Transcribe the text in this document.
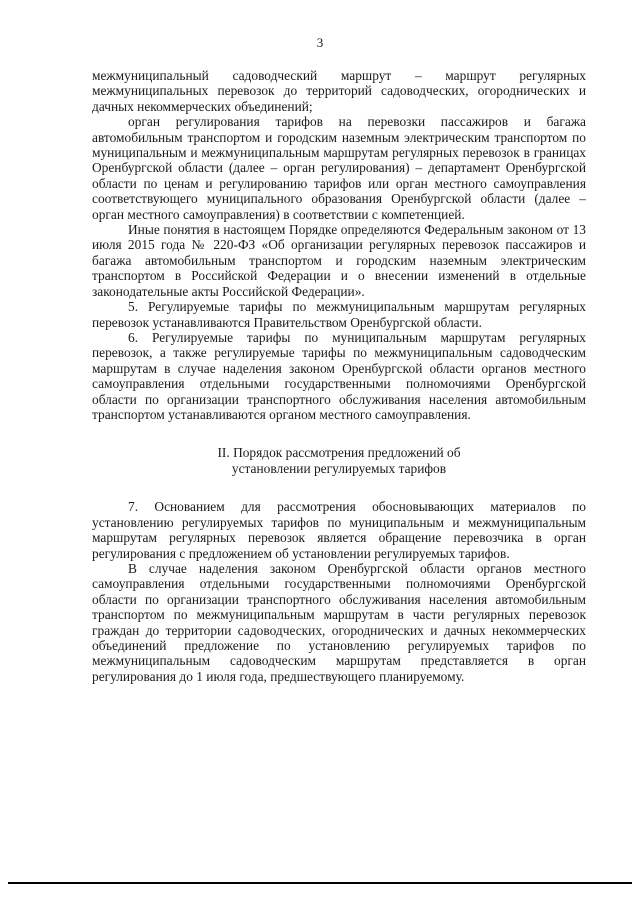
3

межмуниципальный садоводческий маршрут – маршрут регулярных межмуниципальных перевозок до территорий садоводческих, огороднических и дачных некоммерческих объединений;

орган регулирования тарифов на перевозки пассажиров и багажа автомобильным транспортом и городским наземным электрическим транспортом по муниципальным и межмуниципальным маршрутам регулярных перевозок в границах Оренбургской области (далее – орган регулирования) – департамент Оренбургской области по ценам и регулированию тарифов или орган местного самоуправления соответствующего муниципального образования Оренбургской области (далее – орган местного самоуправления) в соответствии с компетенцией.

Иные понятия в настоящем Порядке определяются Федеральным законом от 13 июля 2015 года № 220-ФЗ «Об организации регулярных перевозок пассажиров и багажа автомобильным транспортом и городским наземным электрическим транспортом в Российской Федерации и о внесении изменений в отдельные законодательные акты Российской Федерации».

5. Регулируемые тарифы по межмуниципальным маршрутам регулярных перевозок устанавливаются Правительством Оренбургской области.

6. Регулируемые тарифы по муниципальным маршрутам регулярных перевозок, а также регулируемые тарифы по межмуниципальным садоводческим маршрутам в случае наделения законом Оренбургской области органов местного самоуправления отдельными государственными полномочиями Оренбургской области по организации транспортного обслуживания населения автомобильным транспортом устанавливаются органом местного самоуправления.

II. Порядок рассмотрения предложений об
установлении регулируемых тарифов

7. Основанием для рассмотрения обосновывающих материалов по установлению регулируемых тарифов по муниципальным и межмуниципальным маршрутам регулярных перевозок является обращение перевозчика в орган регулирования с предложением об установлении регулируемых тарифов.

В случае наделения законом Оренбургской области органов местного самоуправления отдельными государственными полномочиями Оренбургской области по организации транспортного обслуживания населения автомобильным транспортом по межмуниципальным маршрутам в части регулярных перевозок граждан до территории садоводческих, огороднических и дачных некоммерческих объединений предложение по установлению регулируемых тарифов по межмуниципальным садоводческим маршрутам представляется в орган регулирования до 1 июля года, предшествующего планируемому.
